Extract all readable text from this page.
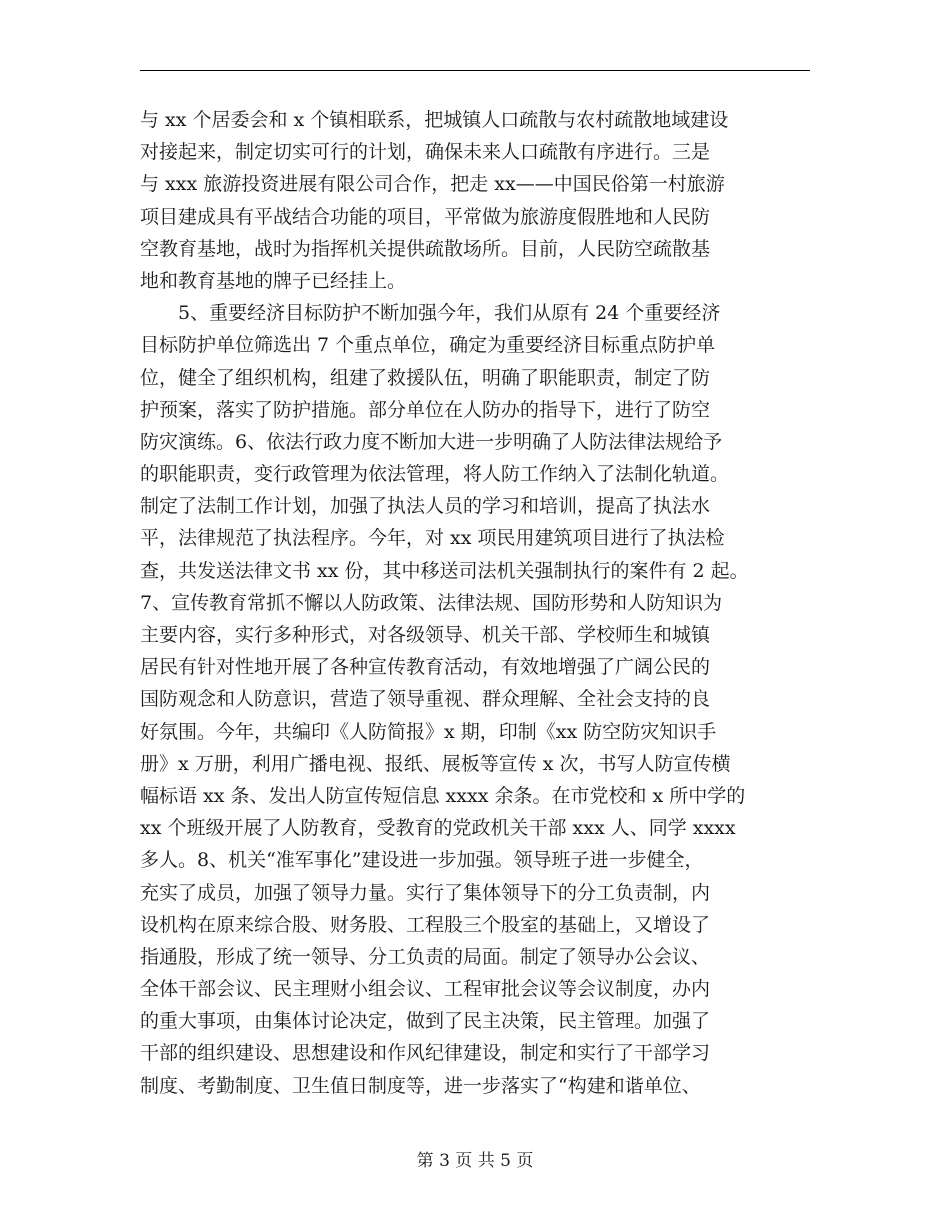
与 xx 个居委会和 x 个镇相联系，把城镇人口疏散与农村疏散地域建设
对接起来，制定切实可行的计划，确保未来人口疏散有序进行。三是
与 xxx 旅游投资进展有限公司合作，把走 xx——中国民俗第一村旅游
项目建成具有平战结合功能的项目，平常做为旅游度假胜地和人民防
空教育基地，战时为指挥机关提供疏散场所。目前，人民防空疏散基
地和教育基地的牌子已经挂上。
5、重要经济目标防护不断加强今年，我们从原有 24 个重要经济
目标防护单位筛选出 7 个重点单位，确定为重要经济目标重点防护单
位，健全了组织机构，组建了救援队伍，明确了职能职责，制定了防
护预案，落实了防护措施。部分单位在人防办的指导下，进行了防空
防灾演练。6、依法行政力度不断加大进一步明确了人防法律法规给予
的职能职责，变行政管理为依法管理，将人防工作纳入了法制化轨道。
制定了法制工作计划，加强了执法人员的学习和培训，提高了执法水
平，法律规范了执法程序。今年，对 xx 项民用建筑项目进行了执法检
查，共发送法律文书 xx 份，其中移送司法机关强制执行的案件有 2 起。
7、宣传教育常抓不懈以人防政策、法律法规、国防形势和人防知识为
主要内容，实行多种形式，对各级领导、机关干部、学校师生和城镇
居民有针对性地开展了各种宣传教育活动，有效地增强了广阔公民的
国防观念和人防意识，营造了领导重视、群众理解、全社会支持的良
好氛围。今年，共编印《人防简报》x 期，印制《xx 防空防灾知识手
册》x 万册，利用广播电视、报纸、展板等宣传 x 次，书写人防宣传横
幅标语 xx 条、发出人防宣传短信息 xxxx 余条。在市党校和 x 所中学的
xx 个班级开展了人防教育，受教育的党政机关干部 xxx 人、同学 xxxx
多人。8、机关“准军事化”建设进一步加强。领导班子进一步健全，
充实了成员，加强了领导力量。实行了集体领导下的分工负责制，内
设机构在原来综合股、财务股、工程股三个股室的基础上，又增设了
指通股，形成了统一领导、分工负责的局面。制定了领导办公会议、
全体干部会议、民主理财小组会议、工程审批会议等会议制度，办内
的重大事项，由集体讨论决定，做到了民主决策，民主管理。加强了
干部的组织建设、思想建设和作风纪律建设，制定和实行了干部学习
制度、考勤制度、卫生值日制度等，进一步落实了“构建和谐单位、
第 3 页 共 5 页
